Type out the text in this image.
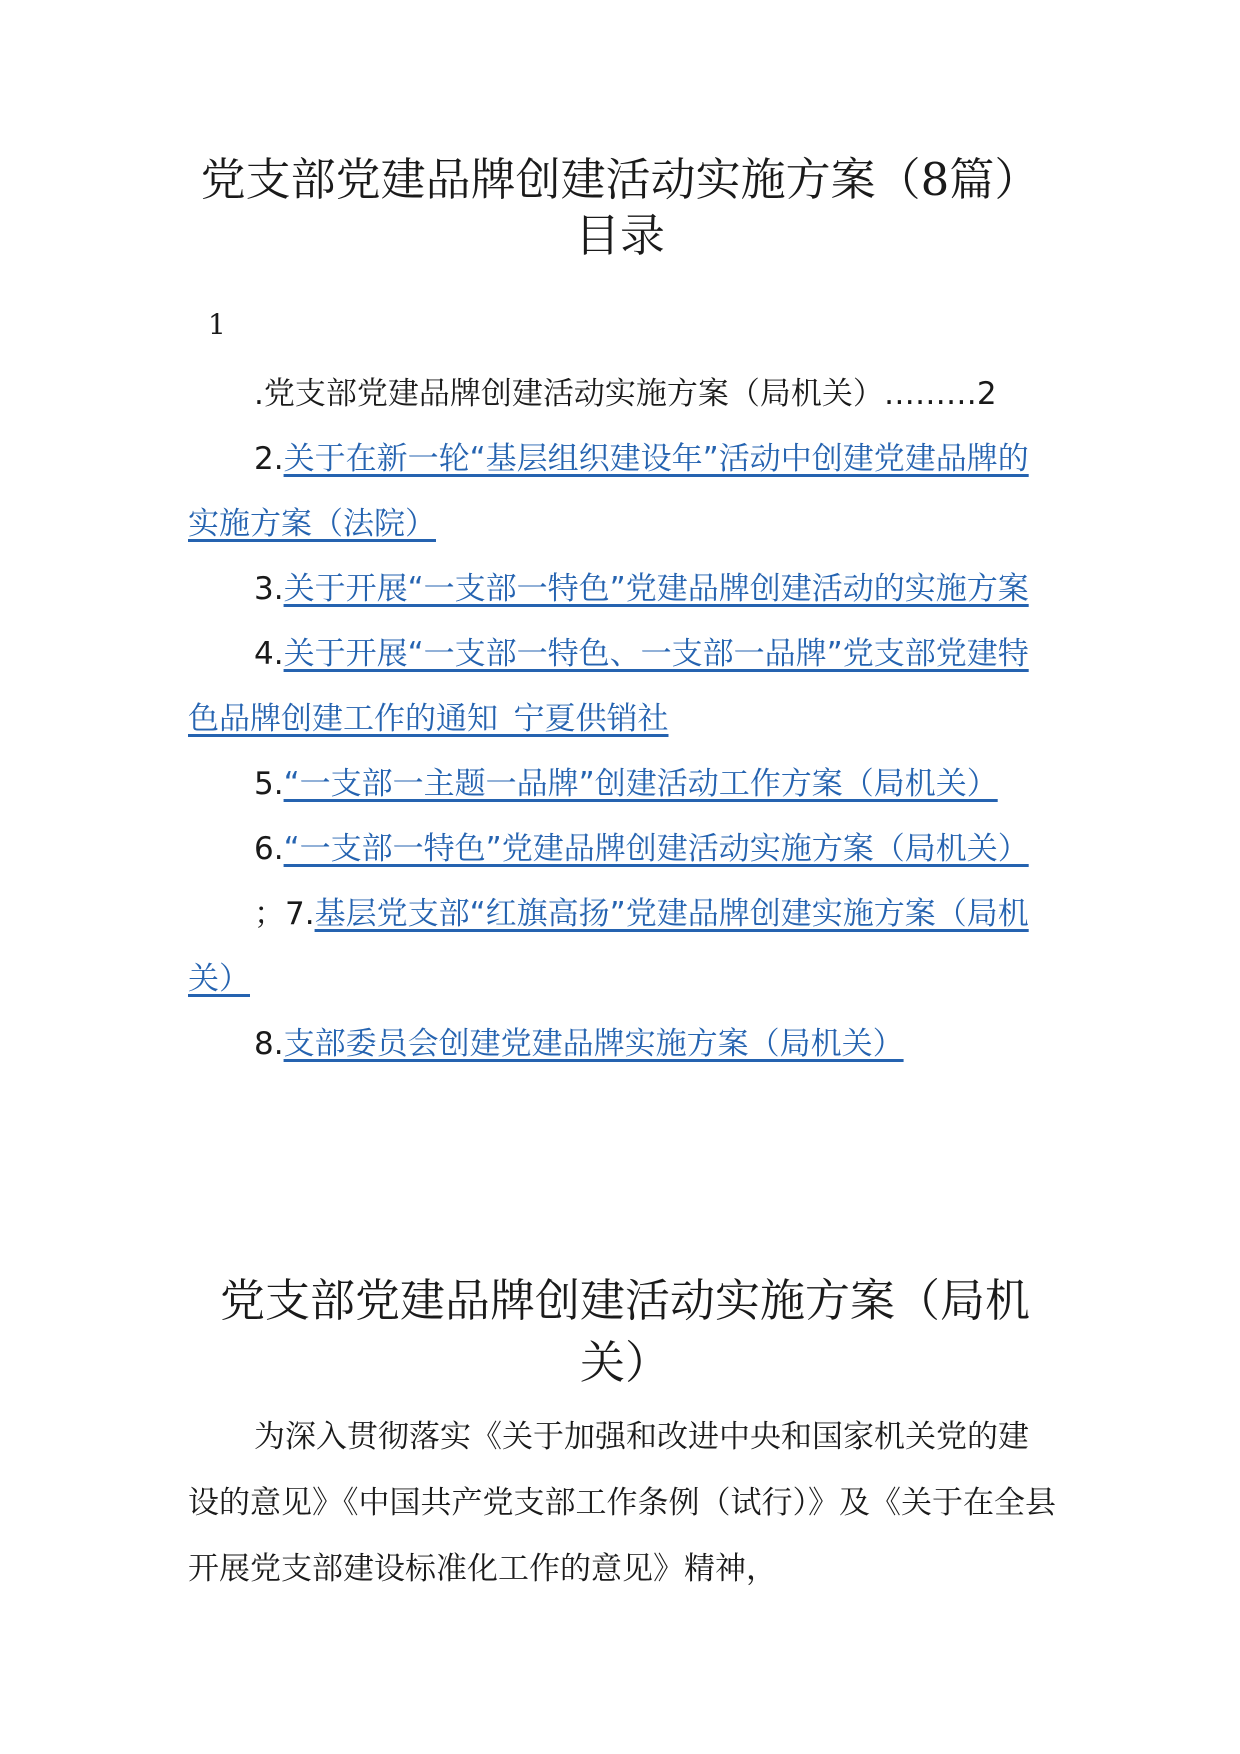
党支部党建品牌创建活动实施方案（8篇）
目录
1
.党支部党建品牌创建活动实施方案（局机关）………2
2.关于在新一轮“基层组织建设年”活动中创建党建品牌的实施方案（法院）
3.关于开展“一支部一特色”党建品牌创建活动的实施方案
4.关于开展“一支部一特色、一支部一品牌”党支部党建特色品牌创建工作的通知_宁夏供销社
5.“一支部一主题一品牌”创建活动工作方案（局机关）
6.“一支部一特色”党建品牌创建活动实施方案（局机关）
；7.基层党支部“红旗高扬”党建品牌创建实施方案（局机关）
8.支部委员会创建党建品牌实施方案（局机关）
党支部党建品牌创建活动实施方案（局机关）

为深入贯彻落实《关于加强和改进中央和国家机关党的建设的意见》《中国共产党支部工作条例（试行）》及《关于在全县开展党支部建设标准化工作的意见》精神，
